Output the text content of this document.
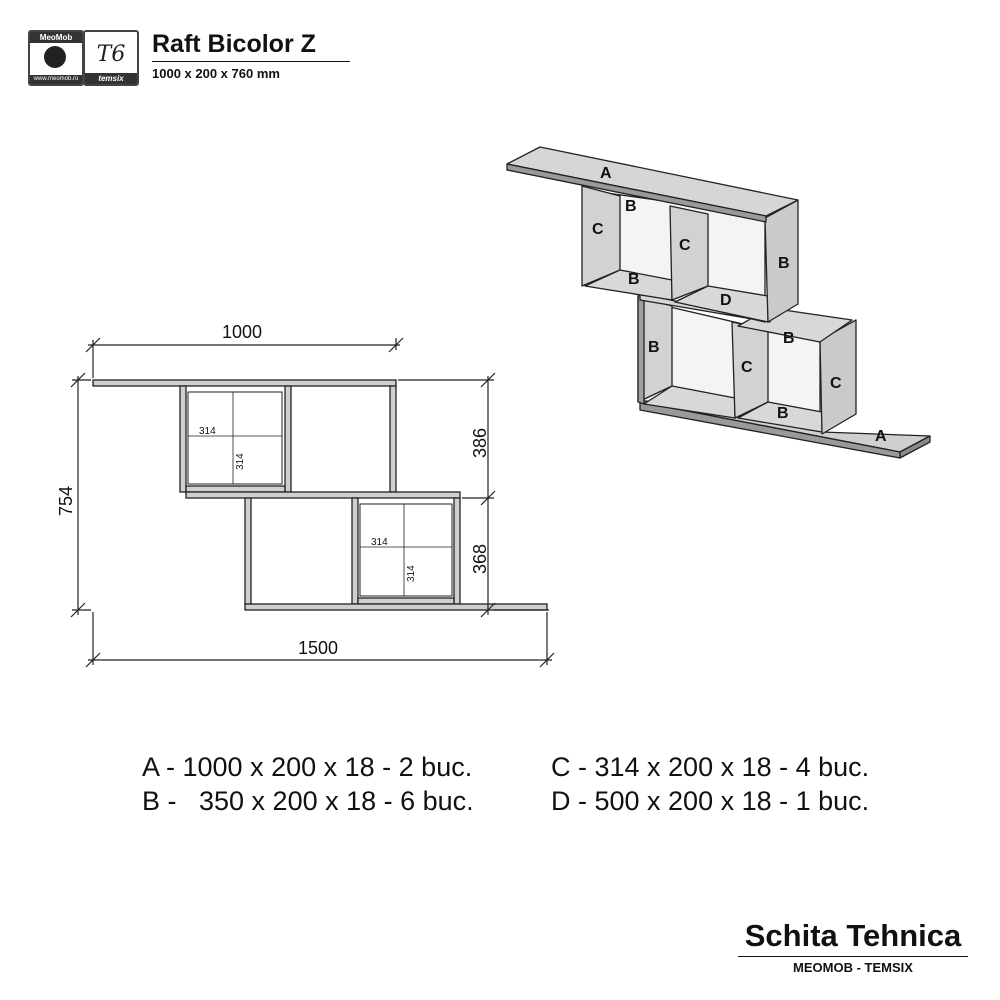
MeoMob
www.meomob.ro
T6
temsix
Raft Bicolor Z
1000 x 200 x 760 mm
314
314
314
314
1000
1500
754
386
368
A
B
C
C
B
B
D
B
B
C
C
B
A
A - 1000 x 200 x 18 - 2 buc.
B -   350 x 200 x 18 - 6 buc.
C - 314 x 200 x 18 - 4 buc.
D - 500 x 200 x 18 - 1 buc.
Schita Tehnica
MEOMOB - TEMSIX
